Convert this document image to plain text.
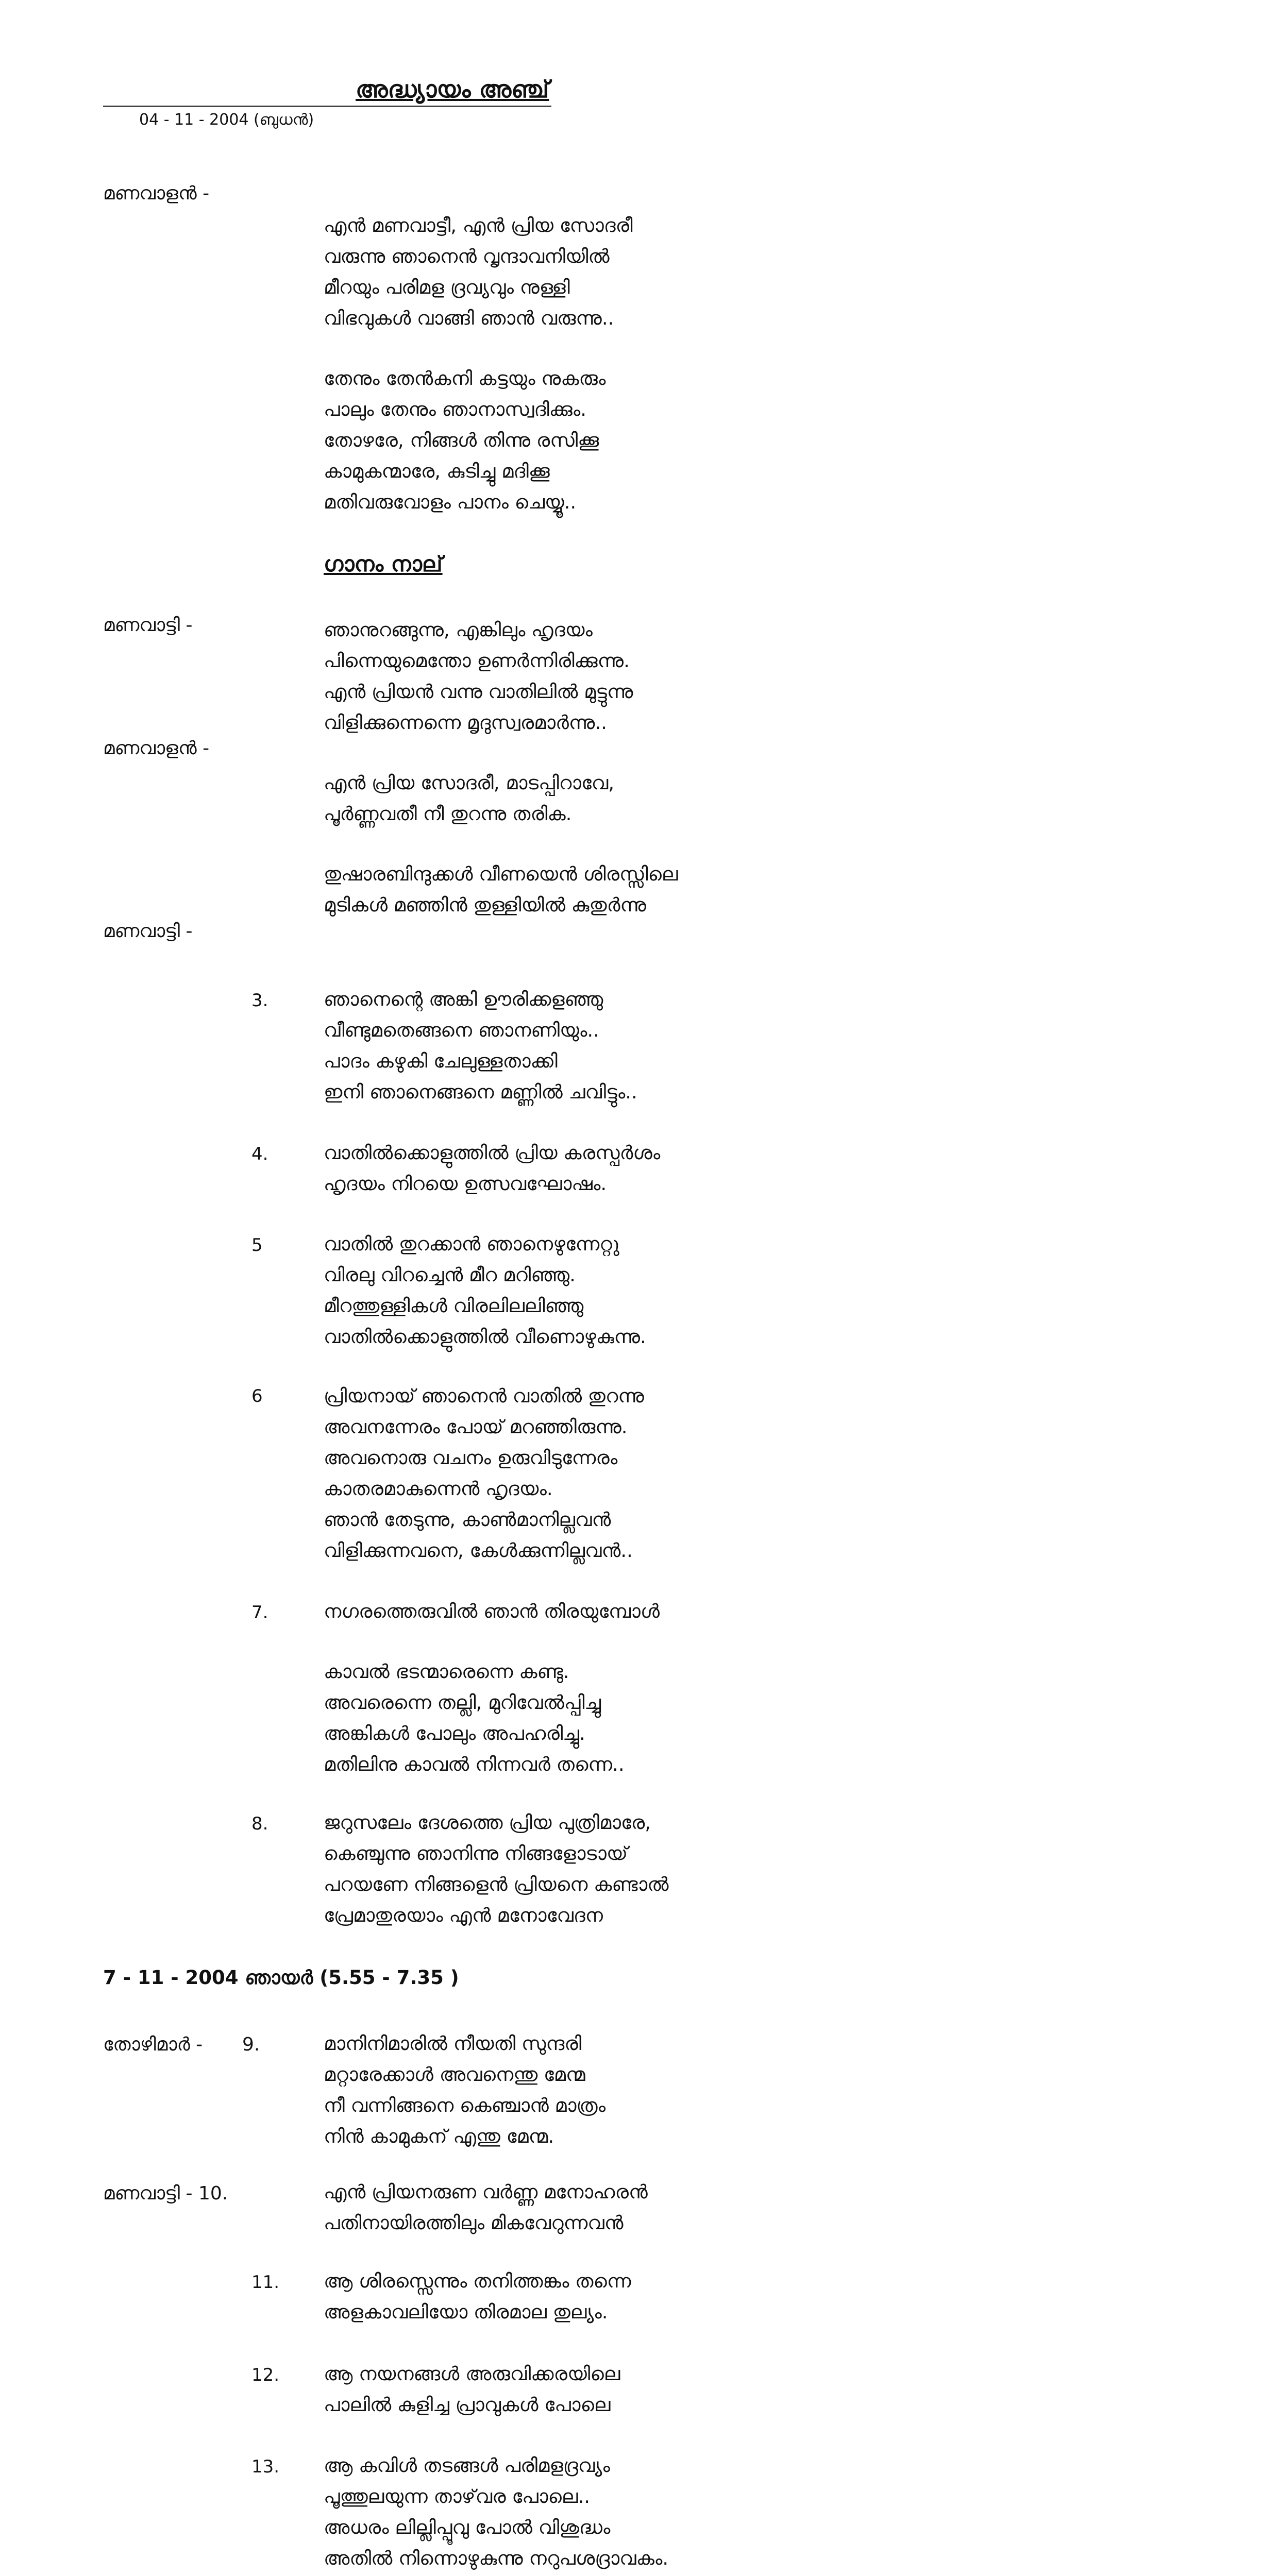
അദ്ധ്യായം അഞ്ച്
04 - 11 - 2004 (ബുധൻ)
മണവാളൻ -
മണവാട്ടി -
മണവാളൻ -
മണവാട്ടി -
തോഴിമാർ -
മണവാട്ടി - 10.
3.
4.
5
6
7.
8.
9.
11.
12.
13.
ഗാനം നാല്
7 - 11 - 2004 ഞായർ (5.55 - 7.35 )
എൻ മണവാട്ടീ, എൻ പ്രിയ സോദരീ
വരുന്നു ഞാനെൻ വൃന്ദാവനിയിൽ
മീറയും പരിമള ദ്രവ്യവും നുള്ളി
വിഭവുകൾ വാങ്ങി ഞാൻ വരുന്നു..
തേനും തേൻകനി കട്ടയും നുകരും
പാലും തേനും ഞാനാസ്വദിക്കും.
തോഴരേ, നിങ്ങൾ തിന്നു രസിക്കൂ
കാമുകന്മാരേ, കുടിച്ചു മദിക്കൂ
മതിവരുവോളം പാനം ചെയ്യൂ..
ഞാനുറങ്ങുന്നു, എങ്കിലും ഹൃദയം
പിന്നെയുമെന്തോ ഉണർന്നിരിക്കുന്നു.
എൻ പ്രിയൻ വന്നു വാതിലിൽ മുട്ടുന്നു
വിളിക്കുന്നെന്നെ മൃദുസ്വരമാർന്നു..
എൻ പ്രിയ സോദരീ, മാടപ്പിറാവേ,
പൂർണ്ണവതീ നീ തുറന്നു തരിക.
തുഷാരബിന്ദുക്കൾ വീണയെൻ ശിരസ്സിലെ
മുടികൾ മഞ്ഞിൻ തുള്ളിയിൽ കുതുർന്നു
ഞാനെന്റെ അങ്കി ഊരിക്കളഞ്ഞു
വീണ്ടുമതെങ്ങനെ ഞാനണിയും..
പാദം കഴുകി ചേലുള്ളതാക്കി
ഇനി ഞാനെങ്ങനെ മണ്ണിൽ ചവിട്ടും..
വാതിൽക്കൊളുത്തിൽ പ്രിയ കരസ്പർശം
ഹൃദയം നിറയെ ഉത്സവഘോഷം.
വാതിൽ തുറക്കാൻ ഞാനെഴുന്നേറ്റു
വിരലു വിറച്ചെൻ മീറ മറിഞ്ഞു.
മീറത്തുള്ളികൾ വിരലിലലിഞ്ഞു
വാതിൽക്കൊളുത്തിൽ വീണൊഴുകുന്നു.
പ്രിയനായ് ഞാനെൻ വാതിൽ തുറന്നു
അവനന്നേരം പോയ് മറഞ്ഞിരുന്നു.
അവനൊരു വചനം ഉരുവിടുന്നേരം
കാതരമാകുന്നെൻ ഹൃദയം.
ഞാൻ തേടുന്നു, കാൺമാനില്ലവൻ
വിളിക്കുന്നവനെ, കേൾക്കുന്നില്ലവൻ..
നഗരത്തെരുവിൽ ഞാൻ തിരയുമ്പോൾ
കാവൽ ഭടന്മാരെന്നെ കണ്ടു.
അവരെന്നെ തല്ലി, മുറിവേൽപ്പിച്ചു
അങ്കികൾ പോലും അപഹരിച്ചു.
മതിലിനു കാവൽ നിന്നവർ തന്നെ..
ജറുസലേം ദേശത്തെ പ്രിയ പുത്രിമാരേ,
കെഞ്ചുന്നു ഞാനിന്നു നിങ്ങളോടായ്
പറയണേ നിങ്ങളെൻ പ്രിയനെ കണ്ടാൽ
പ്രേമാതുരയാം എൻ മനോവേദന
മാനിനിമാരിൽ നീയതി സുന്ദരി
മറ്റാരേക്കാൾ അവനെന്തു മേന്മ
നീ വന്നിങ്ങനെ കെഞ്ചാൻ മാത്രം
നിൻ കാമുകന് എന്തു മേന്മ.
എൻ പ്രിയനരുണ വർണ്ണ മനോഹരൻ
പതിനായിരത്തിലും മികവേറുന്നവൻ
ആ ശിരസ്സെന്നും തനിത്തങ്കം തന്നെ
അളകാവലിയോ തിരമാല തുല്യം.
ആ നയനങ്ങൾ അരുവിക്കരയിലെ
പാലിൽ കുളിച്ച പ്രാവുകൾ പോലെ
ആ കവിൾ തടങ്ങൾ പരിമളദ്രവ്യം
പൂത്തുലയുന്ന താഴ്‌വര പോലെ..
അധരം ലില്ലിപ്പൂവു പോൽ വിശുദ്ധം
അതിൽ നിന്നൊഴുകുന്നു നറുപശദ്രാവകം.
